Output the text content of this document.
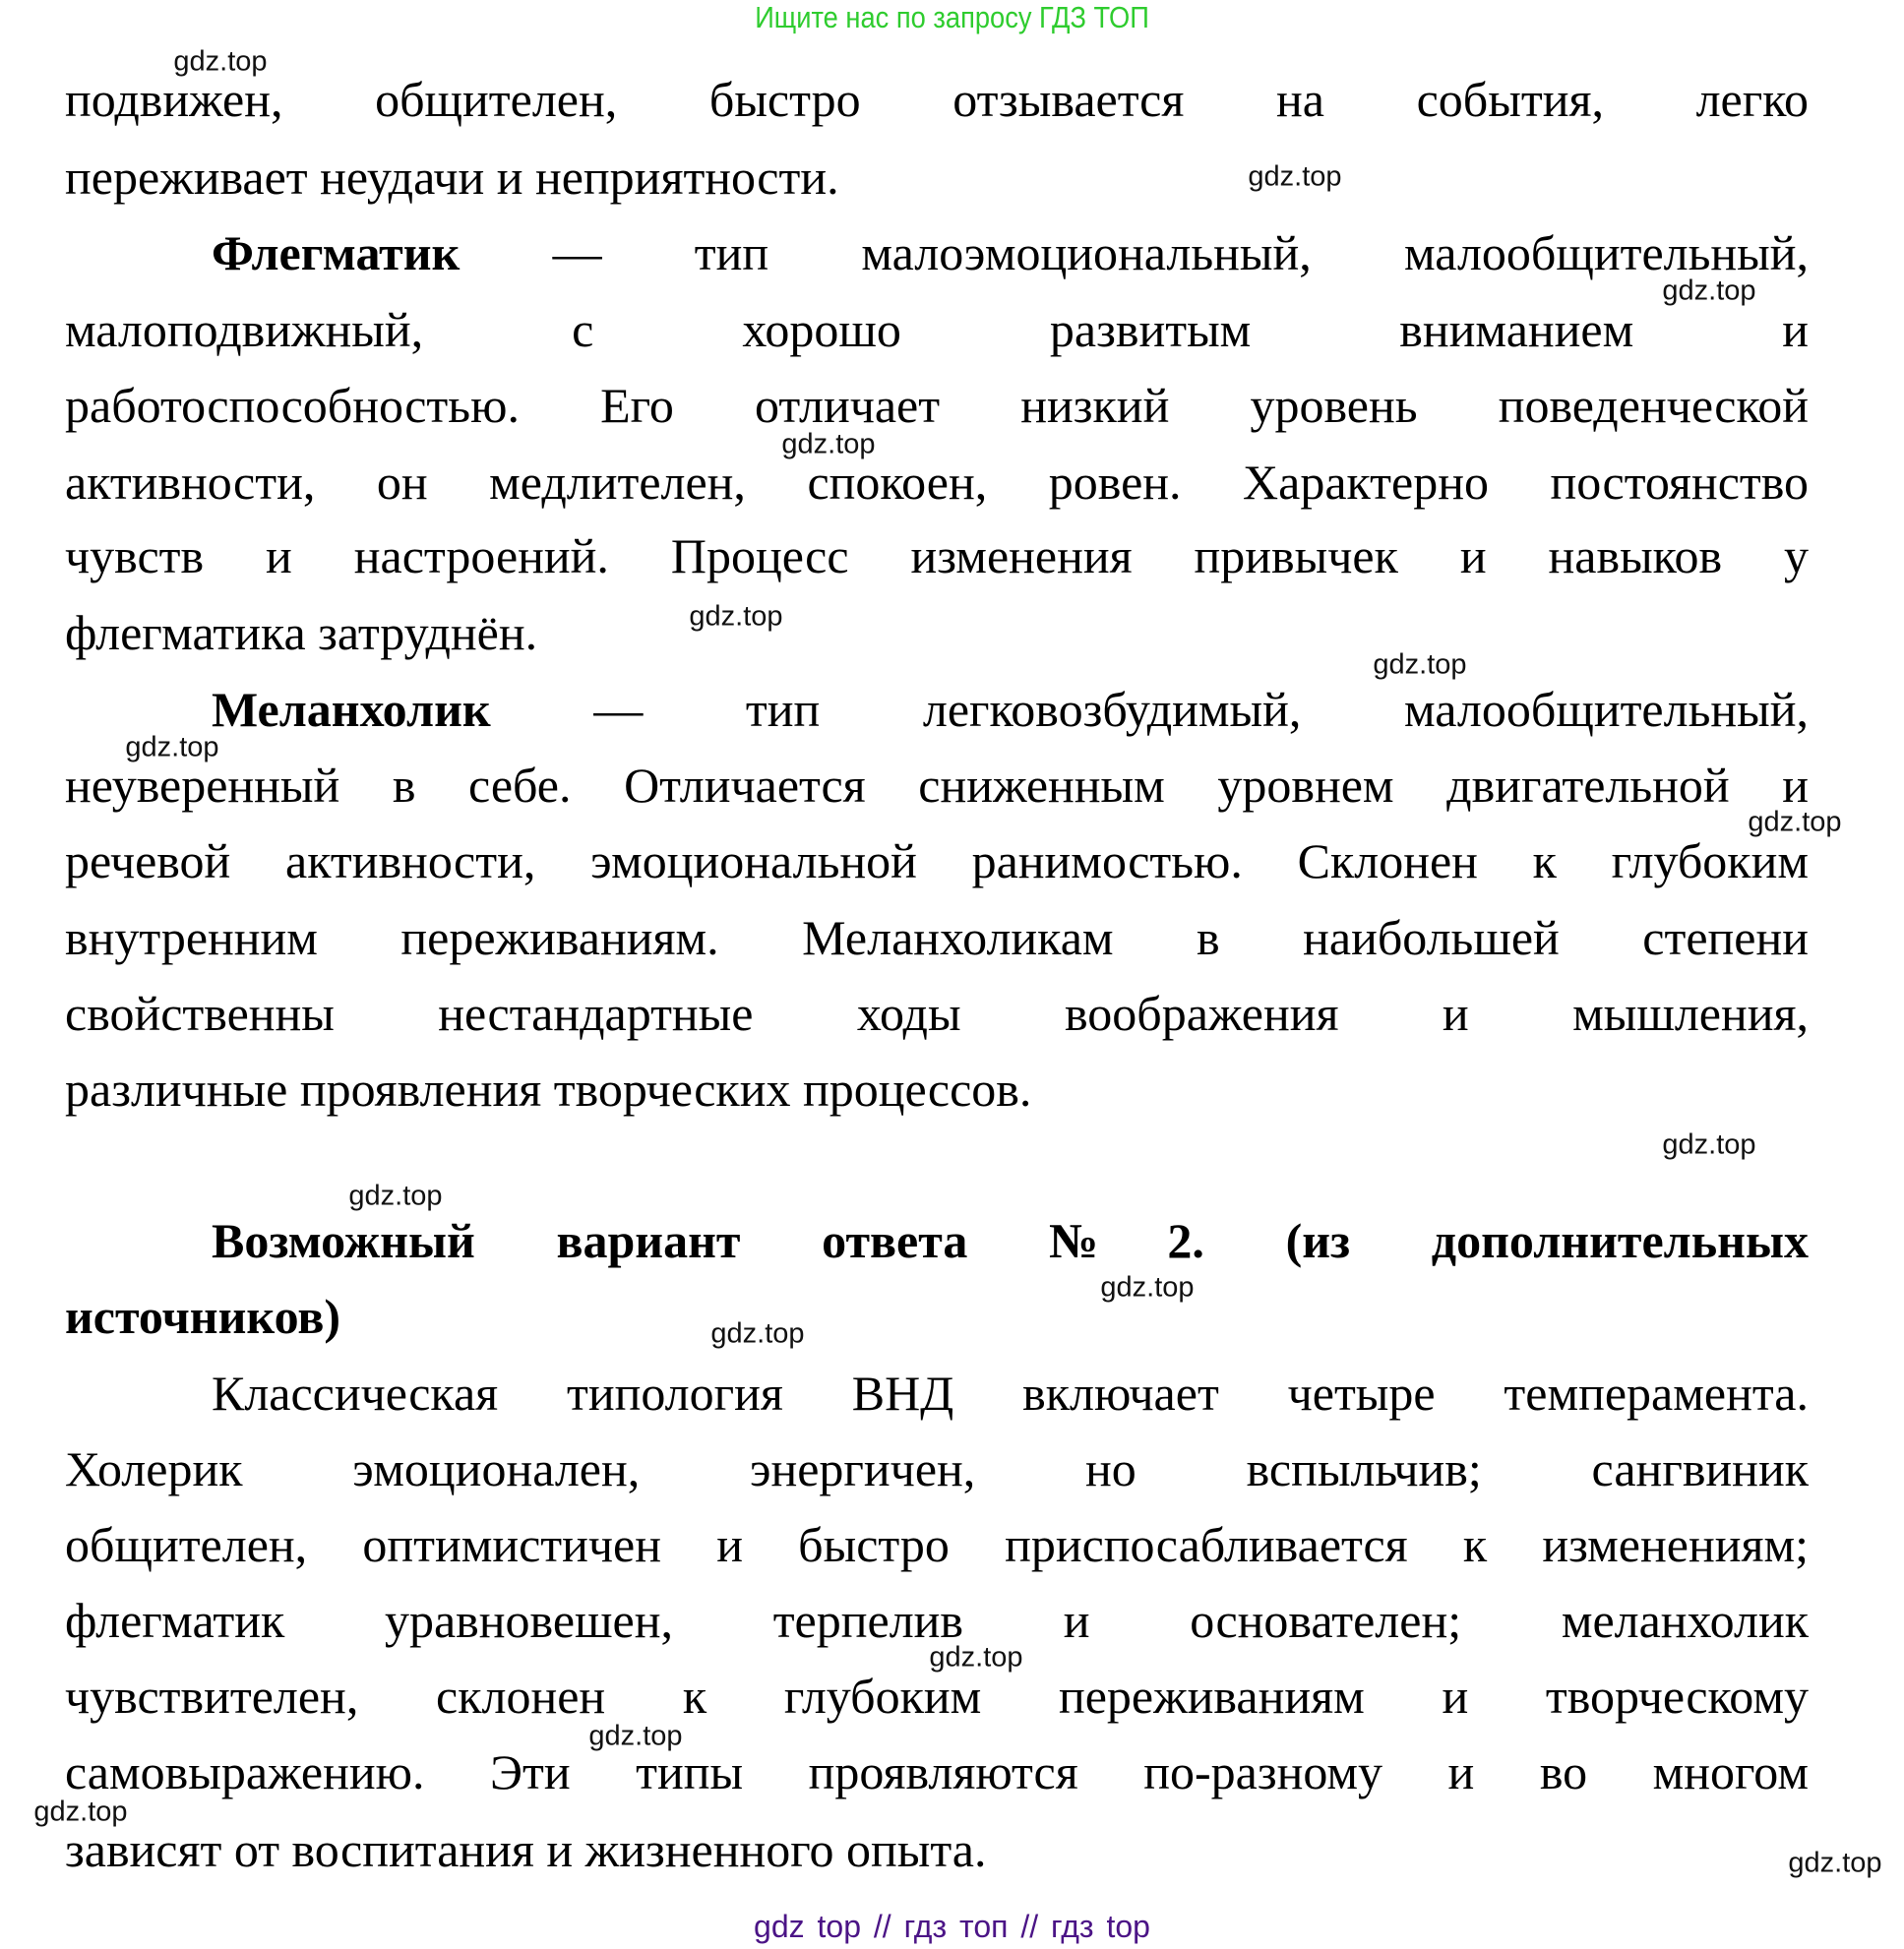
Ищите нас по запросу ГДЗ ТОП
подвижен, общителен, быстро отзывается на события, легко
переживает неудачи и неприятности.
Флегматик — тип малоэмоциональный, малообщительный,
малоподвижный, с хорошо развитым вниманием и
работоспособностью. Его отличает низкий уровень поведенческой
активности, он медлителен, спокоен, ровен. Характерно постоянство
чувств и настроений. Процесс изменения привычек и навыков у
флегматика затруднён.
Меланхолик — тип легковозбудимый, малообщительный,
неуверенный в себе. Отличается сниженным уровнем двигательной и
речевой активности, эмоциональной ранимостью. Склонен к глубоким
внутренним переживаниям. Меланхоликам в наибольшей степени
свойственны нестандартные ходы воображения и мышления,
различные проявления творческих процессов.
Возможный вариант ответа №2. (из дополнительных
источников)
Классическая типология ВНД включает четыре темперамента.
Холерик эмоционален, энергичен, но вспыльчив; сангвиник
общителен, оптимистичен и быстро приспосабливается к изменениям;
флегматик уравновешен, терпелив и основателен; меланхолик
чувствителен, склонен к глубоким переживаниям и творческому
самовыражению. Эти типы проявляются по-разному и во многом
зависят от воспитания и жизненного опыта.
gdz.top
gdz.top
gdz.top
gdz.top
gdz.top
gdz.top
gdz.top
gdz.top
gdz.top
gdz.top
gdz.top
gdz.top
gdz.top
gdz.top
gdz.top
gdz.top
gdz top // гдз топ // гдз top
